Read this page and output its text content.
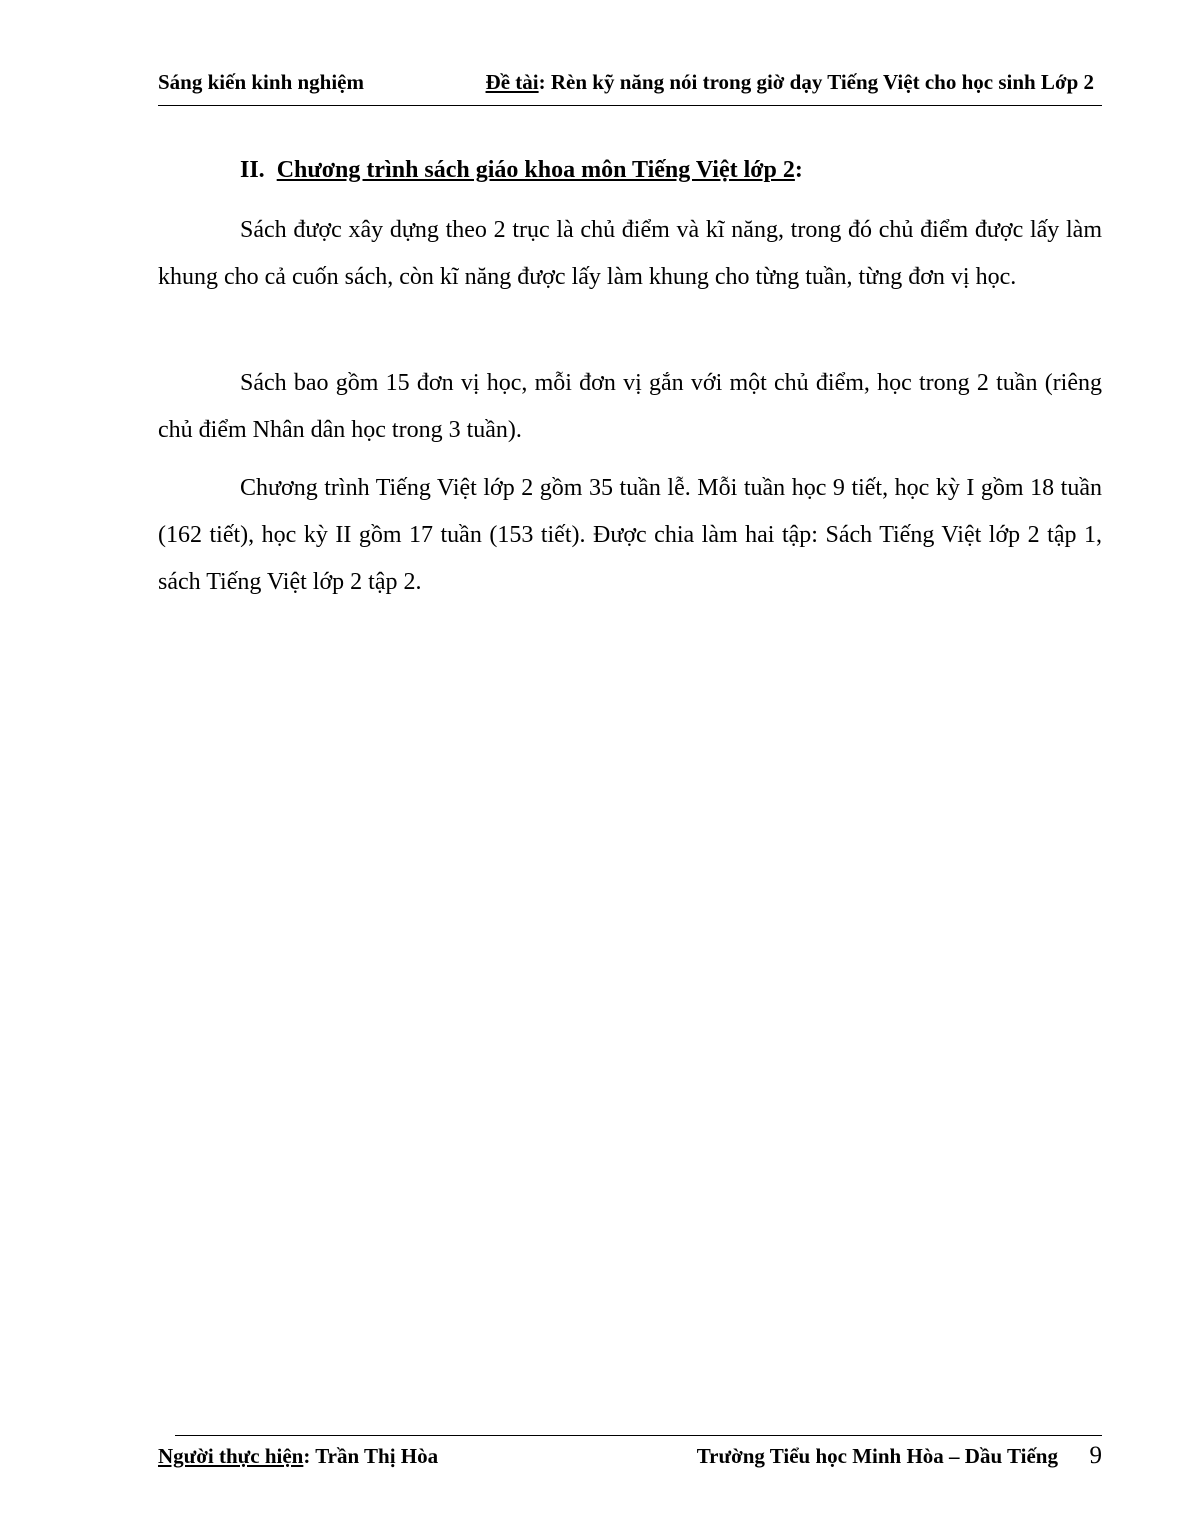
Sáng kiến kinh nghiệm	Đề tài: Rèn kỹ năng nói trong giờ dạy Tiếng Việt cho học sinh Lớp 2
II. Chương trình sách giáo khoa môn Tiếng Việt lớp 2:

Sách được xây dựng theo 2 trục là chủ điểm và kĩ năng, trong đó chủ điểm được lấy làm khung cho cả cuốn sách, còn kĩ năng được lấy làm khung cho từng tuần, từng đơn vị học.

Sách bao gồm 15 đơn vị học, mỗi đơn vị gắn với một chủ điểm, học trong 2 tuần (riêng chủ điểm Nhân dân học trong 3 tuần).

Chương trình Tiếng Việt lớp 2 gồm 35 tuần lễ. Mỗi tuần học 9 tiết, học kỳ I gồm 18 tuần (162 tiết), học kỳ II gồm 17 tuần (153 tiết). Được chia làm hai tập: Sách Tiếng Việt lớp 2 tập 1, sách Tiếng Việt lớp 2 tập 2.

Người thực hiện: Trần Thị Hòa	Trường Tiểu học Minh Hòa – Dầu Tiếng 9
